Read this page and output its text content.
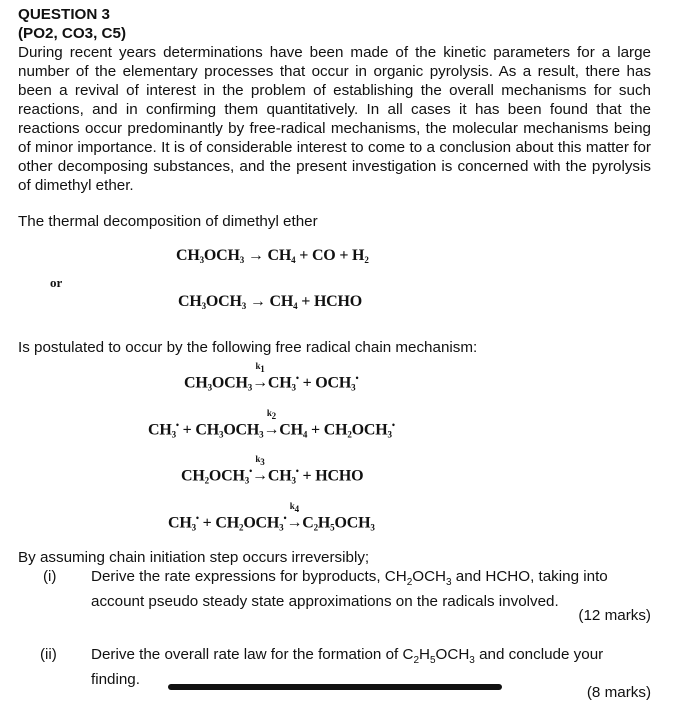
QUESTION 3
(PO2, CO3, C5)
During recent years determinations have been made of the kinetic parameters for a large number of the elementary processes that occur in organic pyrolysis. As a result, there has been a revival of interest in the problem of establishing the overall mechanisms for such reactions, and in confirming them quantitatively. In all cases it has been found that the reactions occur predominantly by free-radical mechanisms, the molecular mechanisms being of minor importance. It is of considerable interest to come to a conclusion about this matter for other decomposing substances, and the present investigation is concerned with the pyrolysis of dimethyl ether.
The thermal decomposition of dimethyl ether
$CH_3OCH_3 \to CH_4$ + CO + $H_2$
or
$CH_3OCH_3 \to CH_4$ + HCHO
Is postulated to occur by the following free radical chain mechanism:
$CH_3OCH_3\to$
$k_1$
$CH_3^• + OCH_3^•$
$CH_3^• + CH_3OCH_3\to$
$k_2$
$CH_4 + CH_2OCH_3^•$
$CH_2OCH_3^•\to$
$k_3$
$CH_3^•$ + HCHO
$CH_3^• + CH_2OCH_3^•\to$
$k_4$
$C_2H_5OCH_3$
By assuming chain initiation step occurs irreversibly;
(i) Derive the rate expressions for byproducts, $CH_2OCH_3$ and HCHO, taking into account pseudo steady state approximations on the radicals involved.
(12 marks)
(ii) Derive the overall rate law for the formation of $C_2H_5OCH_3$ and conclude your finding.
(8 marks)
